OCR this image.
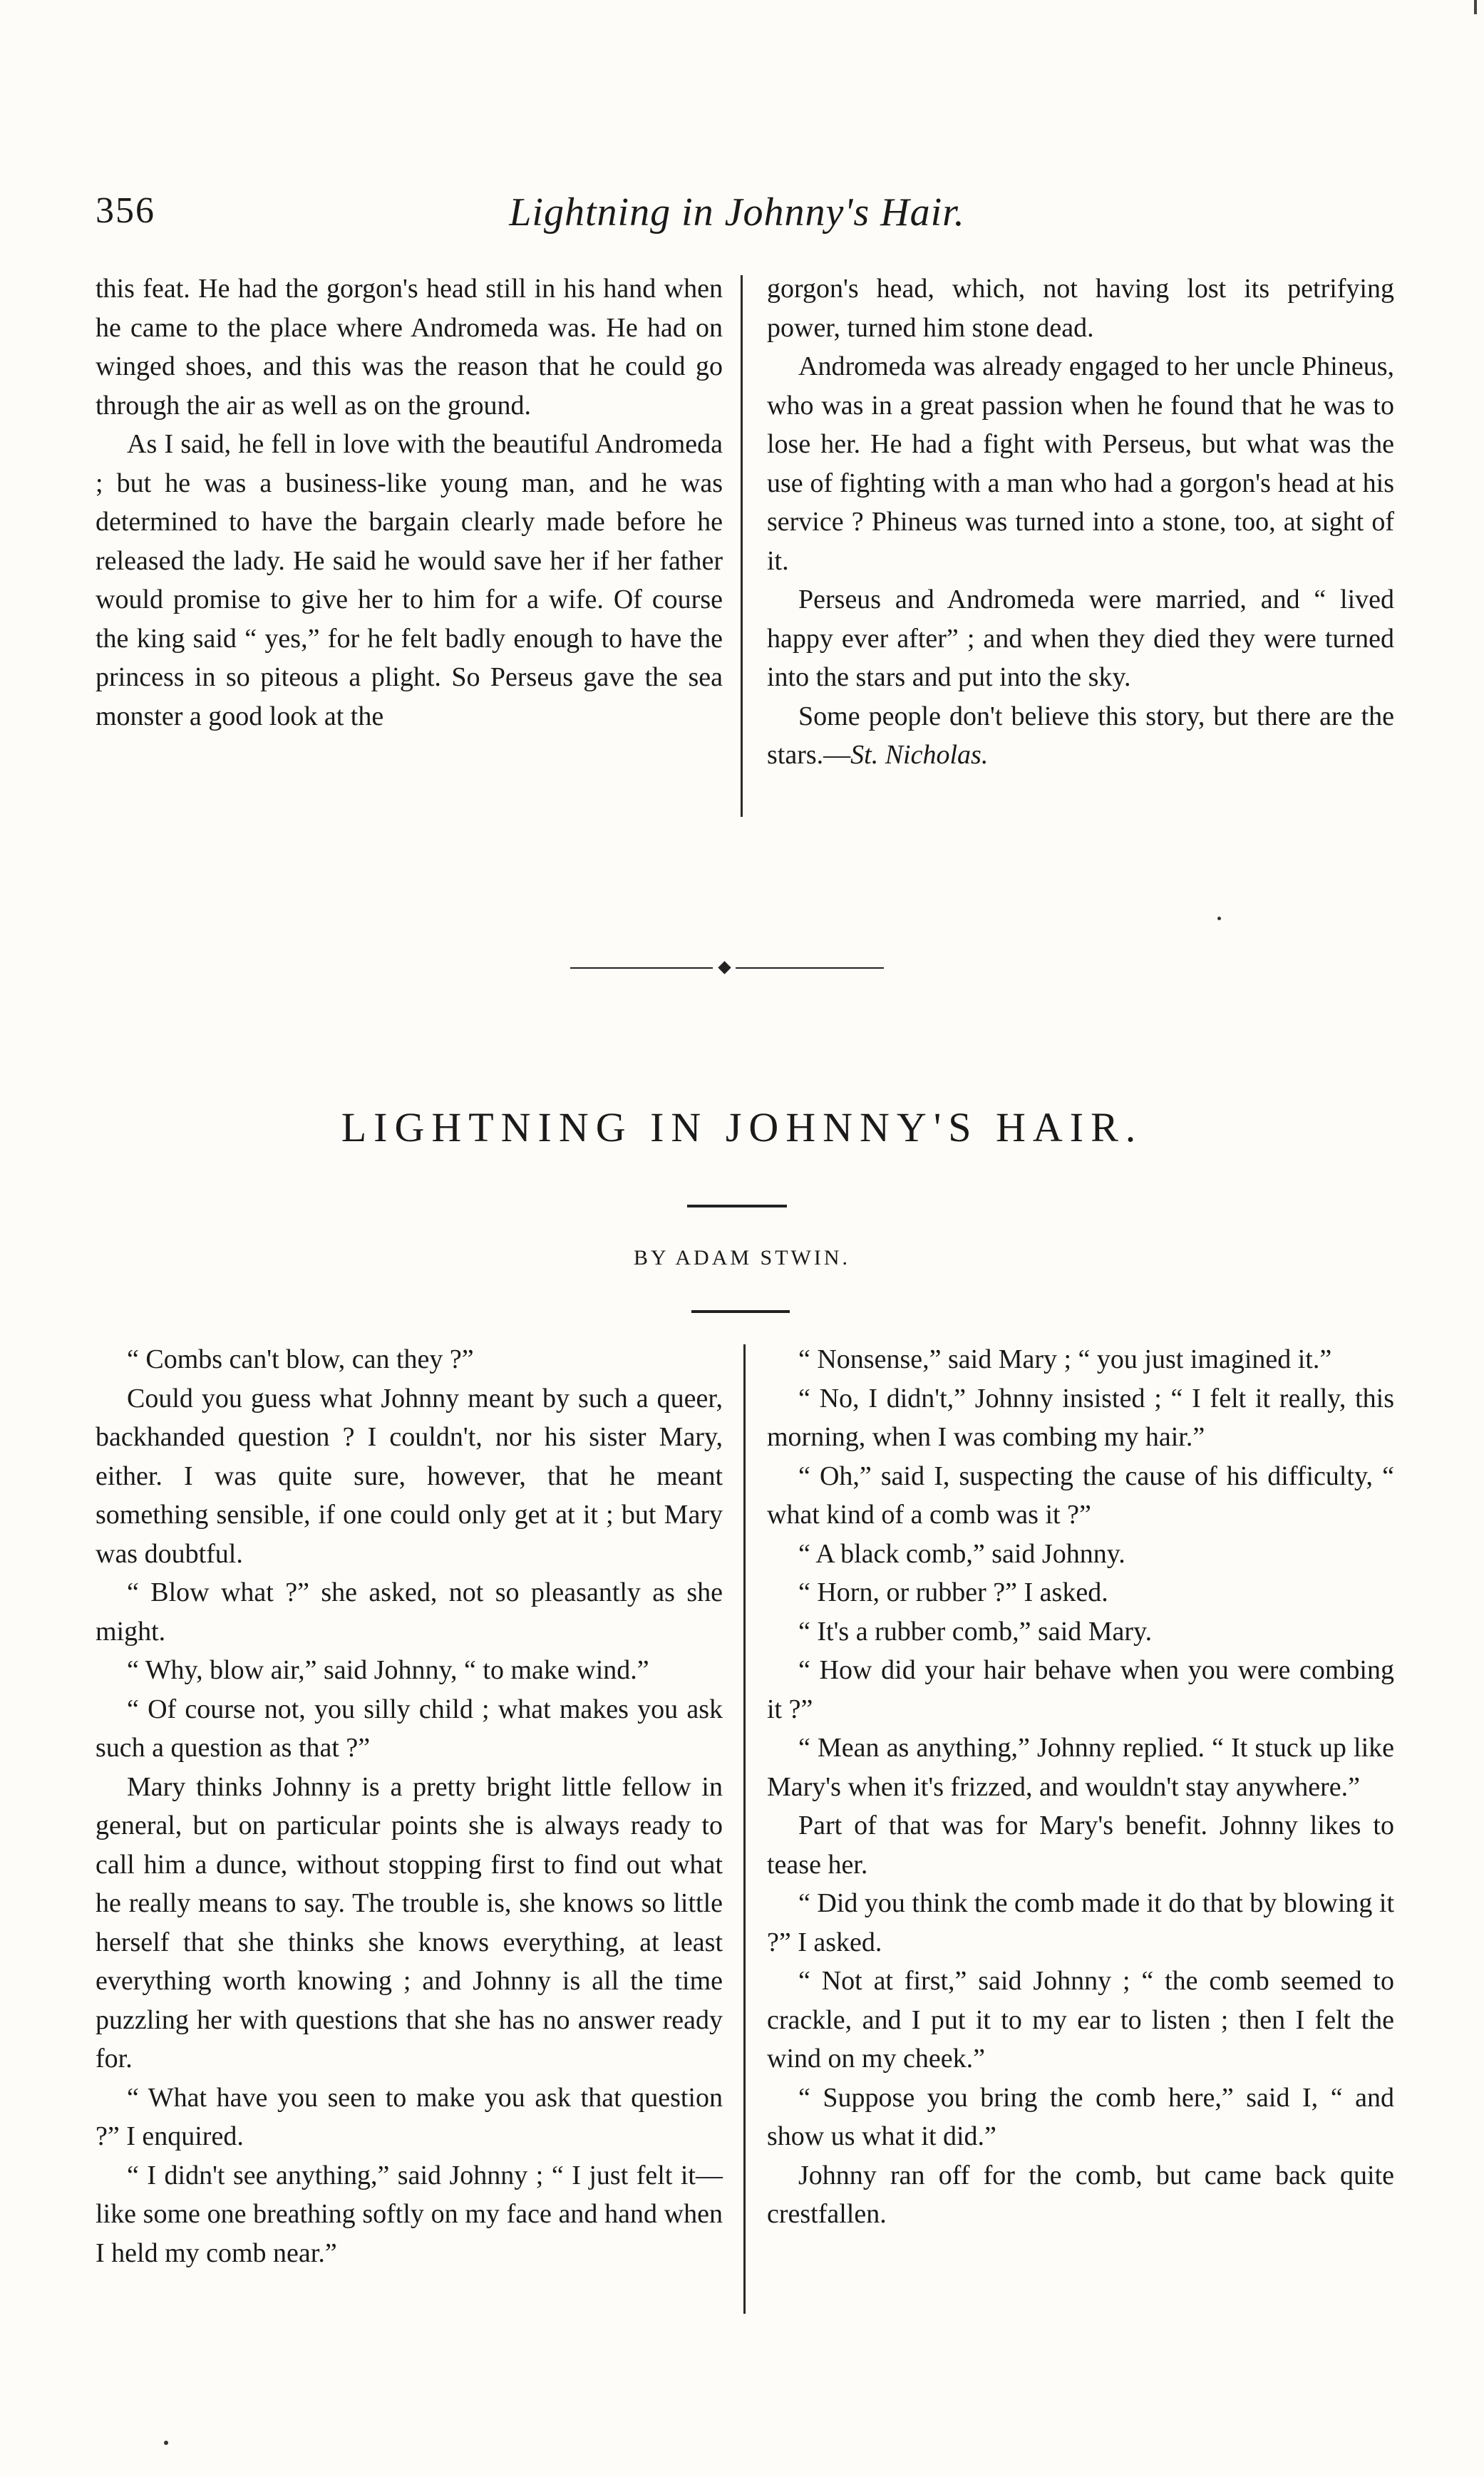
356	Lightning in Johnny's Hair.

this feat. He had the gorgon's head still in his hand when he came to the place where Andromeda was. He had on winged shoes, and this was the reason that he could go through the air as well as on the ground.

As I said, he fell in love with the beautiful Andromeda ; but he was a business-like young man, and he was determined to have the bargain clearly made before he released the lady. He said he would save her if her father would promise to give her to him for a wife. Of course the king said “ yes,” for he felt badly enough to have the princess in so piteous a plight. So Perseus gave the sea monster a good look at the

gorgon's head, which, not having lost its petrifying power, turned him stone dead.

Andromeda was already engaged to her uncle Phineus, who was in a great passion when he found that he was to lose her. He had a fight with Perseus, but what was the use of fighting with a man who had a gorgon's head at his service ? Phineus was turned into a stone, too, at sight of it.

Perseus and Andromeda were married, and “ lived happy ever after” ; and when they died they were turned into the stars and put into the sky.

Some people don't believe this story, but there are the stars.—St. Nicholas.

LIGHTNING IN JOHNNY'S HAIR.
BY ADAM STWIN.

“ Combs can't blow, can they ?”

Could you guess what Johnny meant by such a queer, backhanded question ? I couldn't, nor his sister Mary, either. I was quite sure, however, that he meant something sensible, if one could only get at it ; but Mary was doubtful.

“ Blow what ?” she asked, not so pleasantly as she might.

“ Why, blow air,” said Johnny, “ to make wind.”

“ Of course not, you silly child ; what makes you ask such a question as that ?”

Mary thinks Johnny is a pretty bright little fellow in general, but on particular points she is always ready to call him a dunce, without stopping first to find out what he really means to say. The trouble is, she knows so little herself that she thinks she knows everything, at least everything worth knowing ; and Johnny is all the time puzzling her with questions that she has no answer ready for.

“ What have you seen to make you ask that question ?” I enquired.

“ I didn't see anything,” said Johnny ; “ I just felt it—like some one breathing softly on my face and hand when I held my comb near.”

“ Nonsense,” said Mary ; “ you just imagined it.”

“ No, I didn't,” Johnny insisted ; “ I felt it really, this morning, when I was combing my hair.”

“ Oh,” said I, suspecting the cause of his difficulty, “ what kind of a comb was it ?”

“ A black comb,” said Johnny.

“ Horn, or rubber ?” I asked.

“ It's a rubber comb,” said Mary.

“ How did your hair behave when you were combing it ?”

“ Mean as anything,” Johnny replied. “ It stuck up like Mary's when it's frizzed, and wouldn't stay anywhere.”

Part of that was for Mary's benefit. Johnny likes to tease her.

“ Did you think the comb made it do that by blowing it ?” I asked.

“ Not at first,” said Johnny ; “ the comb seemed to crackle, and I put it to my ear to listen ; then I felt the wind on my cheek.”

“ Suppose you bring the comb here,” said I, “ and show us what it did.”

Johnny ran off for the comb, but came back quite crestfallen.
